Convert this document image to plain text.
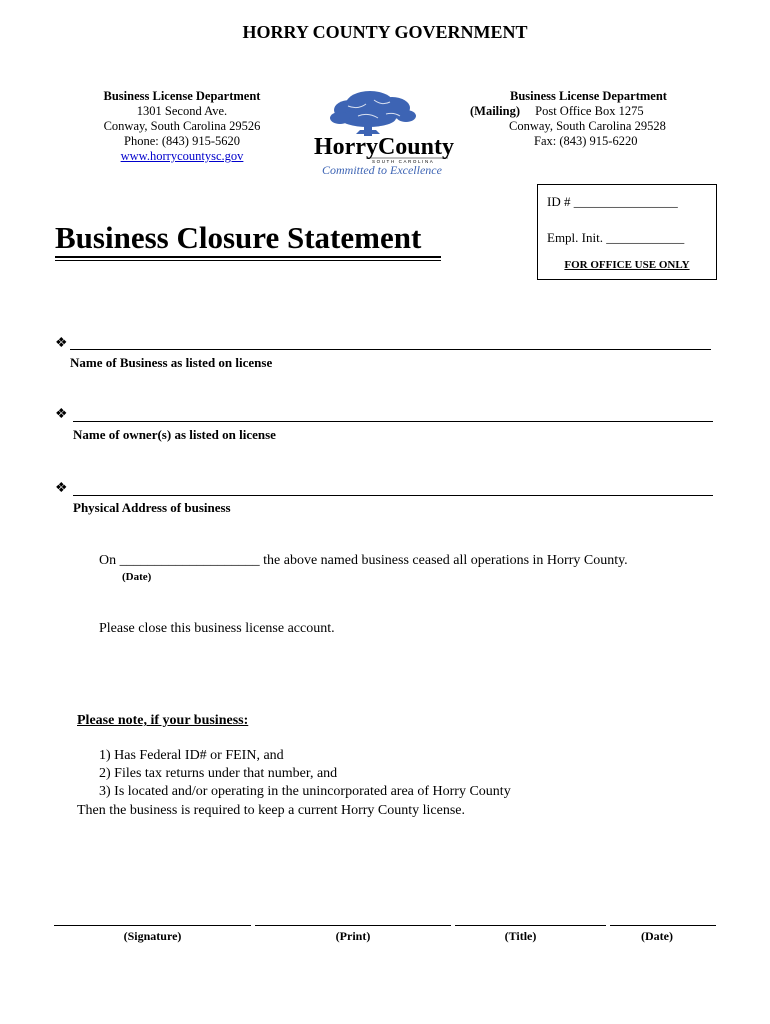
HORRY COUNTY GOVERNMENT
Business License Department
1301 Second Ave.
Conway, South Carolina 29526
Phone: (843) 915-5620
www.horrycountysc.gov	HorryCounty
SOUTH CAROLINA
Committed to Excellence
Business License Department
(Mailing) Post Office Box 1275
Conway, South Carolina 29528
Fax: (843) 915-6220
ID # ________________
Empl. Init. ____________
FOR OFFICE USE ONLY
Business Closure Statement
❖
Name of Business as listed on license
❖
Name of owner(s) as listed on license
❖
Physical Address of business
On ____________________ the above named business ceased all operations in Horry County.
(Date)
Please close this business license account.
Please note, if your business:
1) Has Federal ID# or FEIN, and
2) Files tax returns under that number, and
3) Is located and/or operating in the unincorporated area of Horry County
Then the business is required to keep a current Horry County license.
(Signature)	(Print)	(Title)	(Date)
